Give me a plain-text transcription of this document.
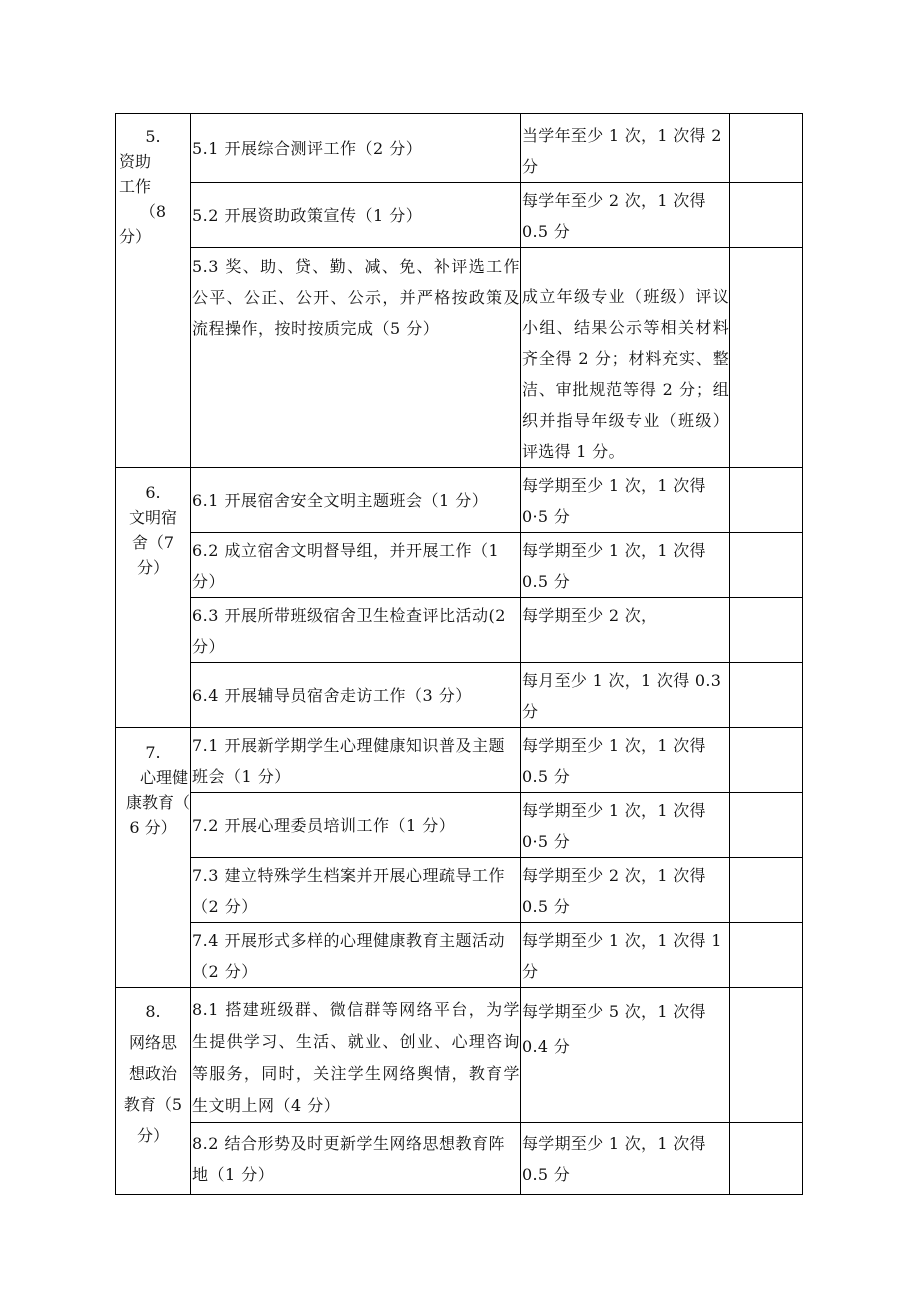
5.
资助
工作
（8
分）	5.1 开展综合测评工作（2 分）	当学年至少 1 次，1 次得 2 分	
	5.2 开展资助政策宣传（1 分）	每学年至少 2 次，1 次得 0.5 分	
	5.3 奖、助、贷、勤、减、免、补评选工作公平、公正、公开、公示，并严格按政策及流程操作，按时按质完成（5 分）	成立年级专业（班级）评议小组、结果公示等相关材料齐全得 2 分；材料充实、整洁、审批规范等得 2 分；组织并指导年级专业（班级）评选得 1 分。	

6.
文明宿
舍（7
分）	6.1 开展宿舍安全文明主题班会（1 分）	每学期至少 1 次，1 次得 0·5 分	
	6.2 成立宿舍文明督导组，并开展工作（1 分）	每学期至少 1 次，1 次得 0.5 分	
	6.3 开展所带班级宿舍卫生检查评比活动(2 分）	每学期至少 2 次，	
	6.4 开展辅导员宿舍走访工作（3 分）	每月至少 1 次，1 次得 0.3 分	

7.
心理健
康教育（
6 分）	7.1 开展新学期学生心理健康知识普及主题班会（1 分）	每学期至少 1 次，1 次得 0.5 分	
	7.2 开展心理委员培训工作（1 分）	每学期至少 1 次，1 次得 0·5 分	
	7.3 建立特殊学生档案并开展心理疏导工作（2 分）	每学期至少 2 次，1 次得 0.5 分	
	7.4 开展形式多样的心理健康教育主题活动（2 分）	每学期至少 1 次，1 次得 1 分	

8.
网络思
想政治
教育（5
分）	8.1 搭建班级群、微信群等网络平台，为学生提供学习、生活、就业、创业、心理咨询等服务，同时，关注学生网络舆情，教育学生文明上网（4 分）	每学期至少 5 次，1 次得 0.4 分	
	8.2 结合形势及时更新学生网络思想教育阵地（1 分）	每学期至少 1 次，1 次得 0.5 分	
